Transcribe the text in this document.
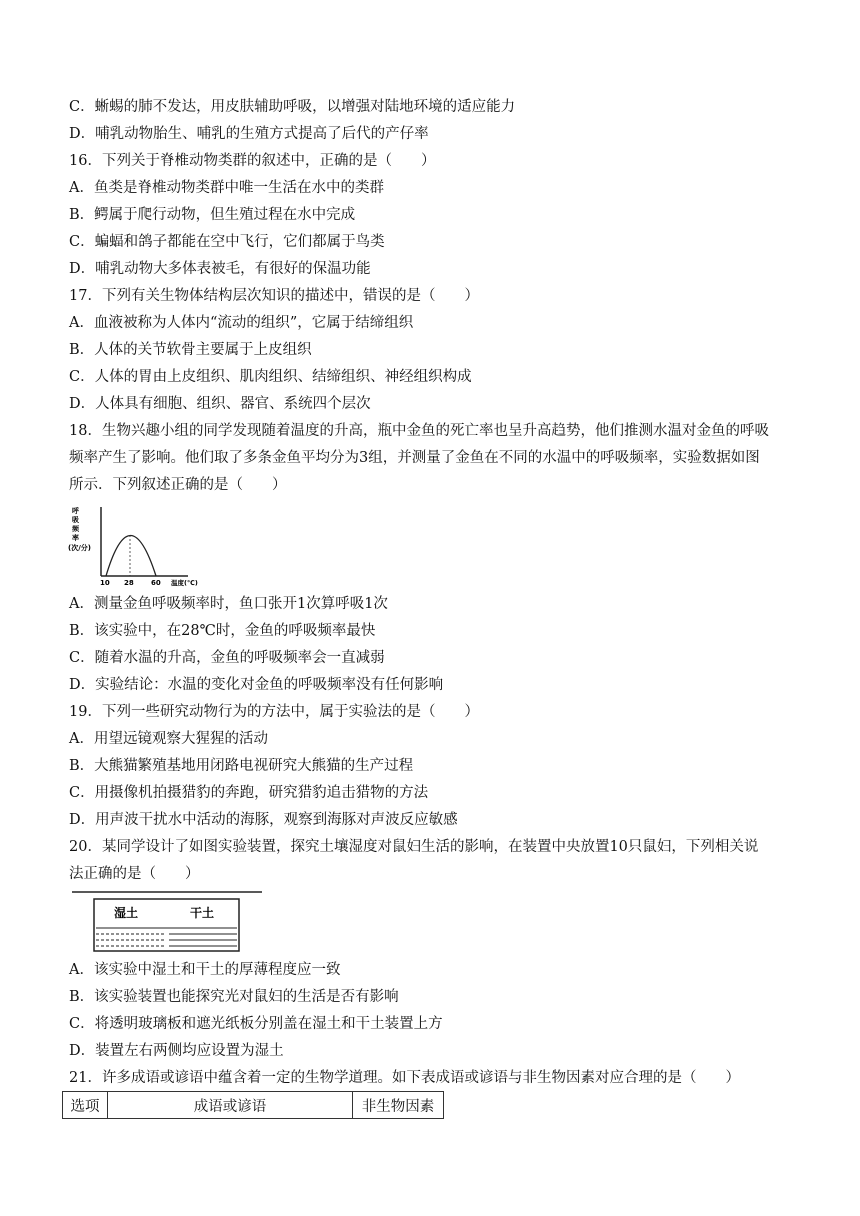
C．蜥蜴的肺不发达，用皮肤辅助呼吸，以增强对陆地环境的适应能力
D．哺乳动物胎生、哺乳的生殖方式提高了后代的产仔率
16．下列关于脊椎动物类群的叙述中，正确的是（　　）
A．鱼类是脊椎动物类群中唯一生活在水中的类群
B．鳄属于爬行动物，但生殖过程在水中完成
C．蝙蝠和鸽子都能在空中飞行，它们都属于鸟类
D．哺乳动物大多体表被毛，有很好的保温功能
17．下列有关生物体结构层次知识的描述中，错误的是（　　）
A．血液被称为人体内“流动的组织”，它属于结缔组织
B．人体的关节软骨主要属于上皮组织
C．人体的胃由上皮组织、肌肉组织、结缔组织、神经组织构成
D．人体具有细胞、组织、器官、系统四个层次
18．生物兴趣小组的同学发现随着温度的升高，瓶中金鱼的死亡率也呈升高趋势，他们推测水温对金鱼的呼吸
频率产生了影响。他们取了多条金鱼平均分为3组，并测量了金鱼在不同的水温中的呼吸频率，实验数据如图
所示．下列叙述正确的是（　　）
呼
吸
频
率
(次/分)
10 28 60 温度(℃)
A．测量金鱼呼吸频率时，鱼口张开1次算呼吸1次
B．该实验中，在28℃时，金鱼的呼吸频率最快
C．随着水温的升高，金鱼的呼吸频率会一直减弱
D．实验结论：水温的变化对金鱼的呼吸频率没有任何影响
19．下列一些研究动物行为的方法中，属于实验法的是（　　）
A．用望远镜观察大猩猩的活动
B．大熊猫繁殖基地用闭路电视研究大熊猫的生产过程
C．用摄像机拍摄猎豹的奔跑，研究猎豹追击猎物的方法
D．用声波干扰水中活动的海豚，观察到海豚对声波反应敏感
20．某同学设计了如图实验装置，探究土壤湿度对鼠妇生活的影响，在装置中央放置10只鼠妇，下列相关说
法正确的是（　　）
湿土	干土
A．该实验中湿土和干土的厚薄程度应一致
B．该实验装置也能探究光对鼠妇的生活是否有影响
C．将透明玻璃板和遮光纸板分别盖在湿土和干土装置上方
D．装置左右两侧均应设置为湿土
21．许多成语或谚语中蕴含着一定的生物学道理。如下表成语或谚语与非生物因素对应合理的是（　　）
选项	成语或谚语	非生物因素
